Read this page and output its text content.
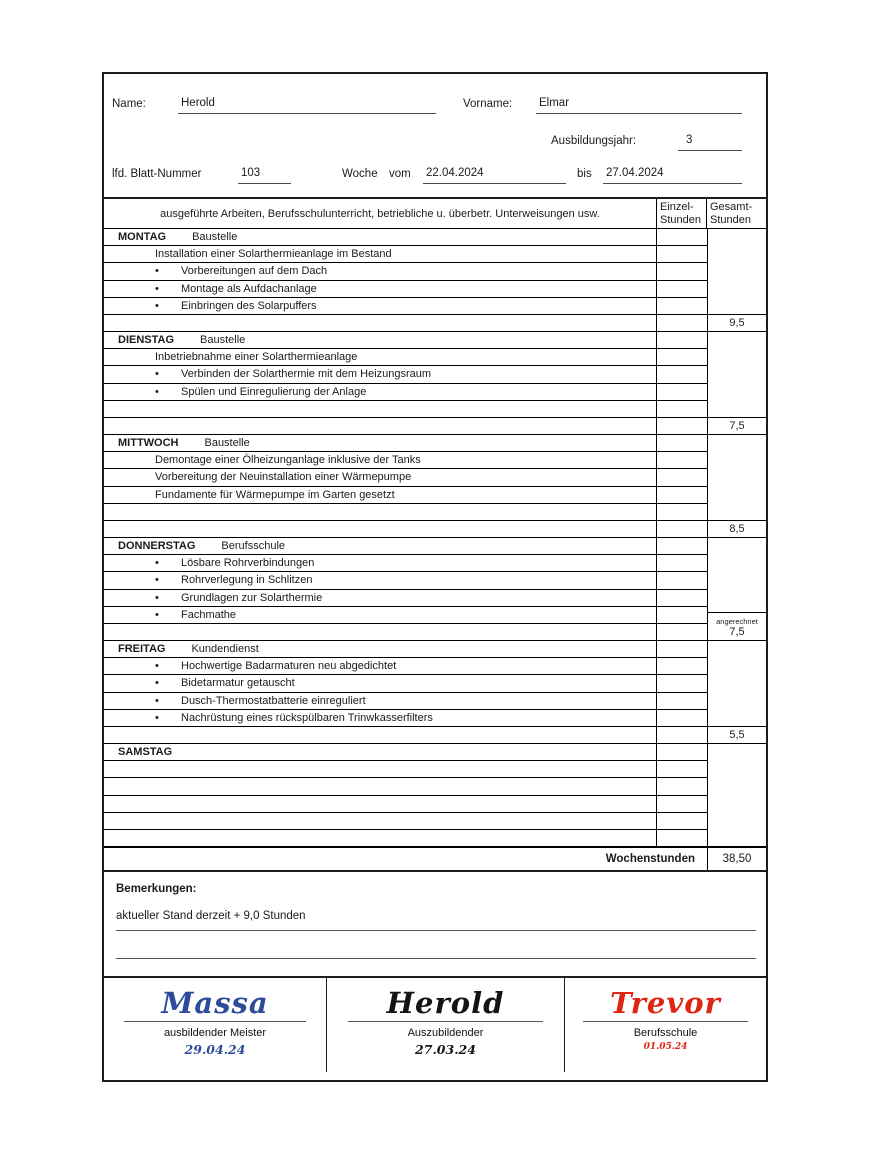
Name:	Herold	Vorname: Elmar
Ausbildungsjahr:	3
lfd. Blatt-Nummer	103	Woche vom 22.04.2024	bis 27.04.2024
ausgeführte Arbeiten, Berufsschulunterricht, betriebliche u. überbetr. Unterweisungen usw.
Einzel-
Stunden
Gesamt-
Stunden
MONTAG Baustelle
Installation einer Solarthermieanlage im Bestand
•	Vorbereitungen auf dem Dach
•	Montage als Aufdachanlage
•	Einbringen des Solarpuffers
9,5
DIENSTAG Baustelle
Inbetriebnahme einer Solarthermieanlage
•	Verbinden der Solarthermie mit dem Heizungsraum
•	Spülen und Einregulierung der Anlage
7,5
MITTWOCH Baustelle
Demontage einer Ölheizunganlage inklusive der Tanks
Vorbereitung der Neuinstallation einer Wärmepumpe
Fundamente für Wärmepumpe im Garten gesetzt
8,5
DONNERSTAG Berufsschule
•	Lösbare Rohrverbindungen
•	Rohrverlegung in Schlitzen
•	Grundlagen zur Solarthermie
•	Fachmathe
angerechnet
7,5
FREITAG Kundendienst
•	Hochwertige Badarmaturen neu abgedichtet
•	Bidetarmatur getauscht
•	Dusch-Thermostatbatterie einreguliert
•	Nachrüstung eines rückspülbaren Trinwkasserfilters
5,5
SAMSTAG
Wochenstunden	38,50
Bemerkungen:
aktueller Stand derzeit + 9,0 Stunden
Massa
ausbildender Meister
29.04.24
Herold
Auszubildender
27.03.24
Trevor
Berufsschule
01.05.24
